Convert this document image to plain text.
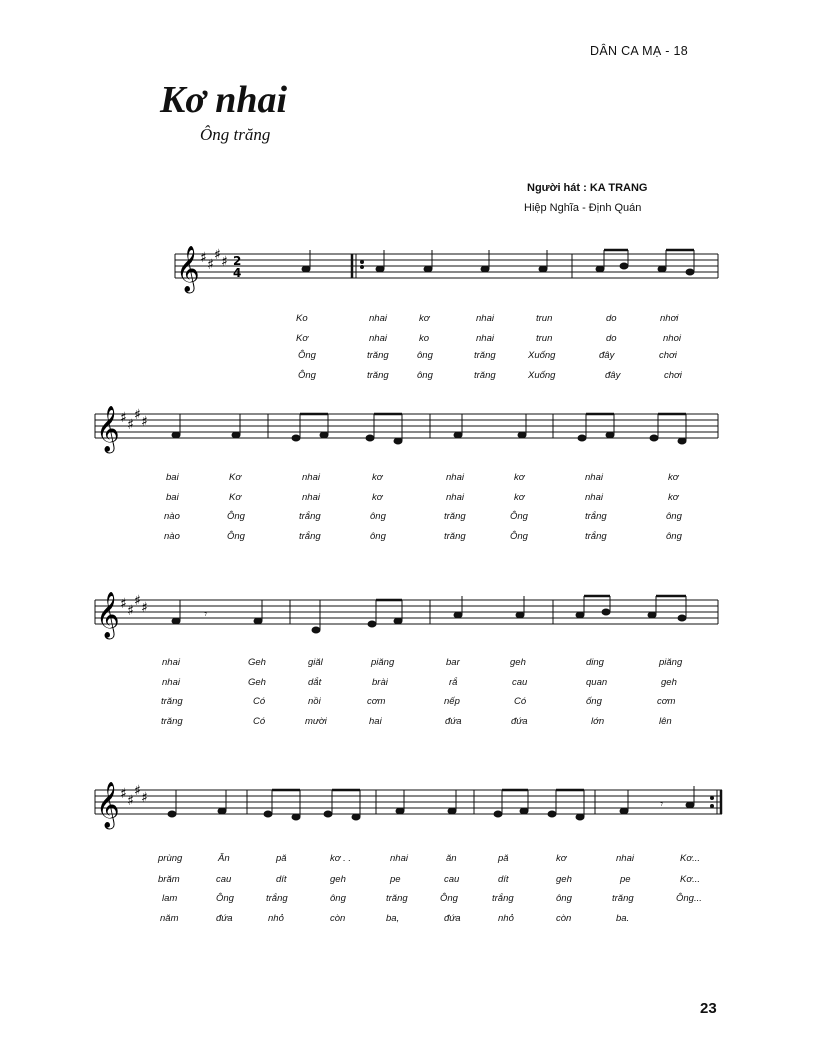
DÂN CA MẠ - 18
Kơ nhai
Ông trăng
Người hát : KA TRANG
Hiệp Nghĩa - Định Quán
𝄞 ♯ ♯
♯ ♯ 2
4
Ko	nhai	kơ	nhai	trun	do	nhơi
Kơ	nhai	ko	nhai	trun	do	nhoi
Ông	trăng	ông	trăng	Xuống	đây	chơi
Ông	trăng	ông	trăng	Xuống	đây	chơi
𝄞 ♯ ♯
♯ ♯
bai	Kơ	nhai	kơ	nhai	kơ	nhai	kơ
bai	Kơ	nhai	kơ	nhai	kơ	nhai	kơ
nào	Ông	trắng	ông	trăng	Ông	trắng	ông
nào	Ông	trắng	ông	trăng	Ông	trắng	ông
𝄞 ♯ ♯
♯ ♯	𝄾
nhai	Geh	giăl	piăng	bar	geh	ding	piăng
nhai	Geh	dắt	brài	rắ	cau	quan	geh
trăng	Có	nồi	cơm	nếp	Có	ống	cơm
trăng	Có	mười	hai	đứa	đứa	lớn	lên
𝄞 ♯ ♯
♯ ♯	𝄾
prùng	Ăn	pă	kơ . .	nhai	ăn	pă	kơ	nhai	Kơ...
brăm	cau	dít	geh	pe	cau	dít	geh	pe	Kơ...
lam	Ông	trắng	ông	trăng	Ông	trắng	ông	trăng	Ông...
năm	đứa	nhỏ	còn	ba,	đứa	nhỏ	còn	ba.
23
